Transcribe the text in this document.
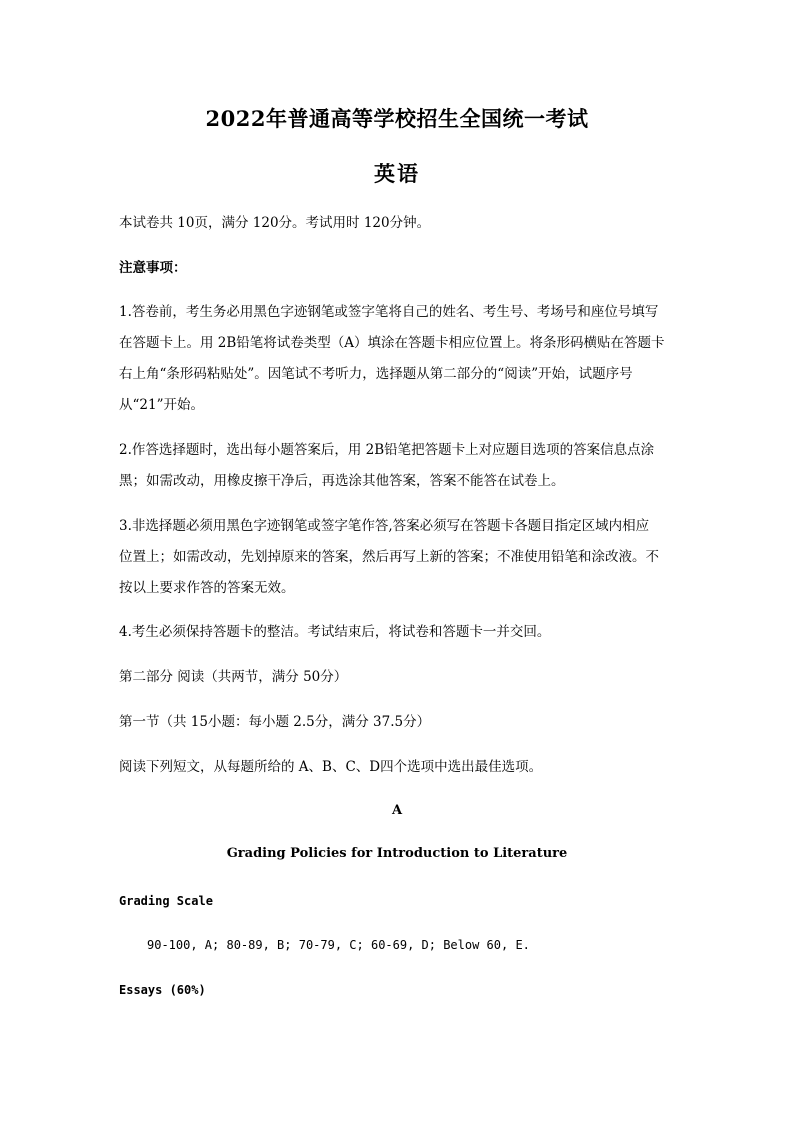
2022年普通高等学校招生全国统一考试
英语
本试卷共 10页，满分 120分。考试用时 120分钟。
注意事项：
1.答卷前，考生务必用黑色字迹钢笔或签字笔将自己的姓名、考生号、考场号和座位号填写
在答题卡上。用 2B铅笔将试卷类型（A）填涂在答题卡相应位置上。将条形码横贴在答题卡
右上角“条形码粘贴处”。因笔试不考听力，选择题从第二部分的“阅读”开始，试题序号
从“21”开始。
2.作答选择题时，选出每小题答案后，用 2B铅笔把答题卡上对应题目选项的答案信息点涂
黑；如需改动，用橡皮擦干净后，再选涂其他答案，答案不能答在试卷上。
3.非选择题必须用黑色字迹钢笔或签字笔作答,答案必须写在答题卡各题目指定区域内相应
位置上；如需改动，先划掉原来的答案，然后再写上新的答案；不准使用铅笔和涂改液。不
按以上要求作答的答案无效。
4.考生必须保持答题卡的整洁。考试结束后，将试卷和答题卡一并交回。
第二部分 阅读（共两节，满分 50分）
第一节（共 15小题：每小题 2.5分，满分 37.5分）
阅读下列短文，从每题所给的 A、B、C、D四个选项中选出最佳选项。
A
Grading Policies for Introduction to Literature
Grading Scale
90-100, A; 80-89, B; 70-79, C; 60-69, D; Below 60, E.
Essays (60%)
